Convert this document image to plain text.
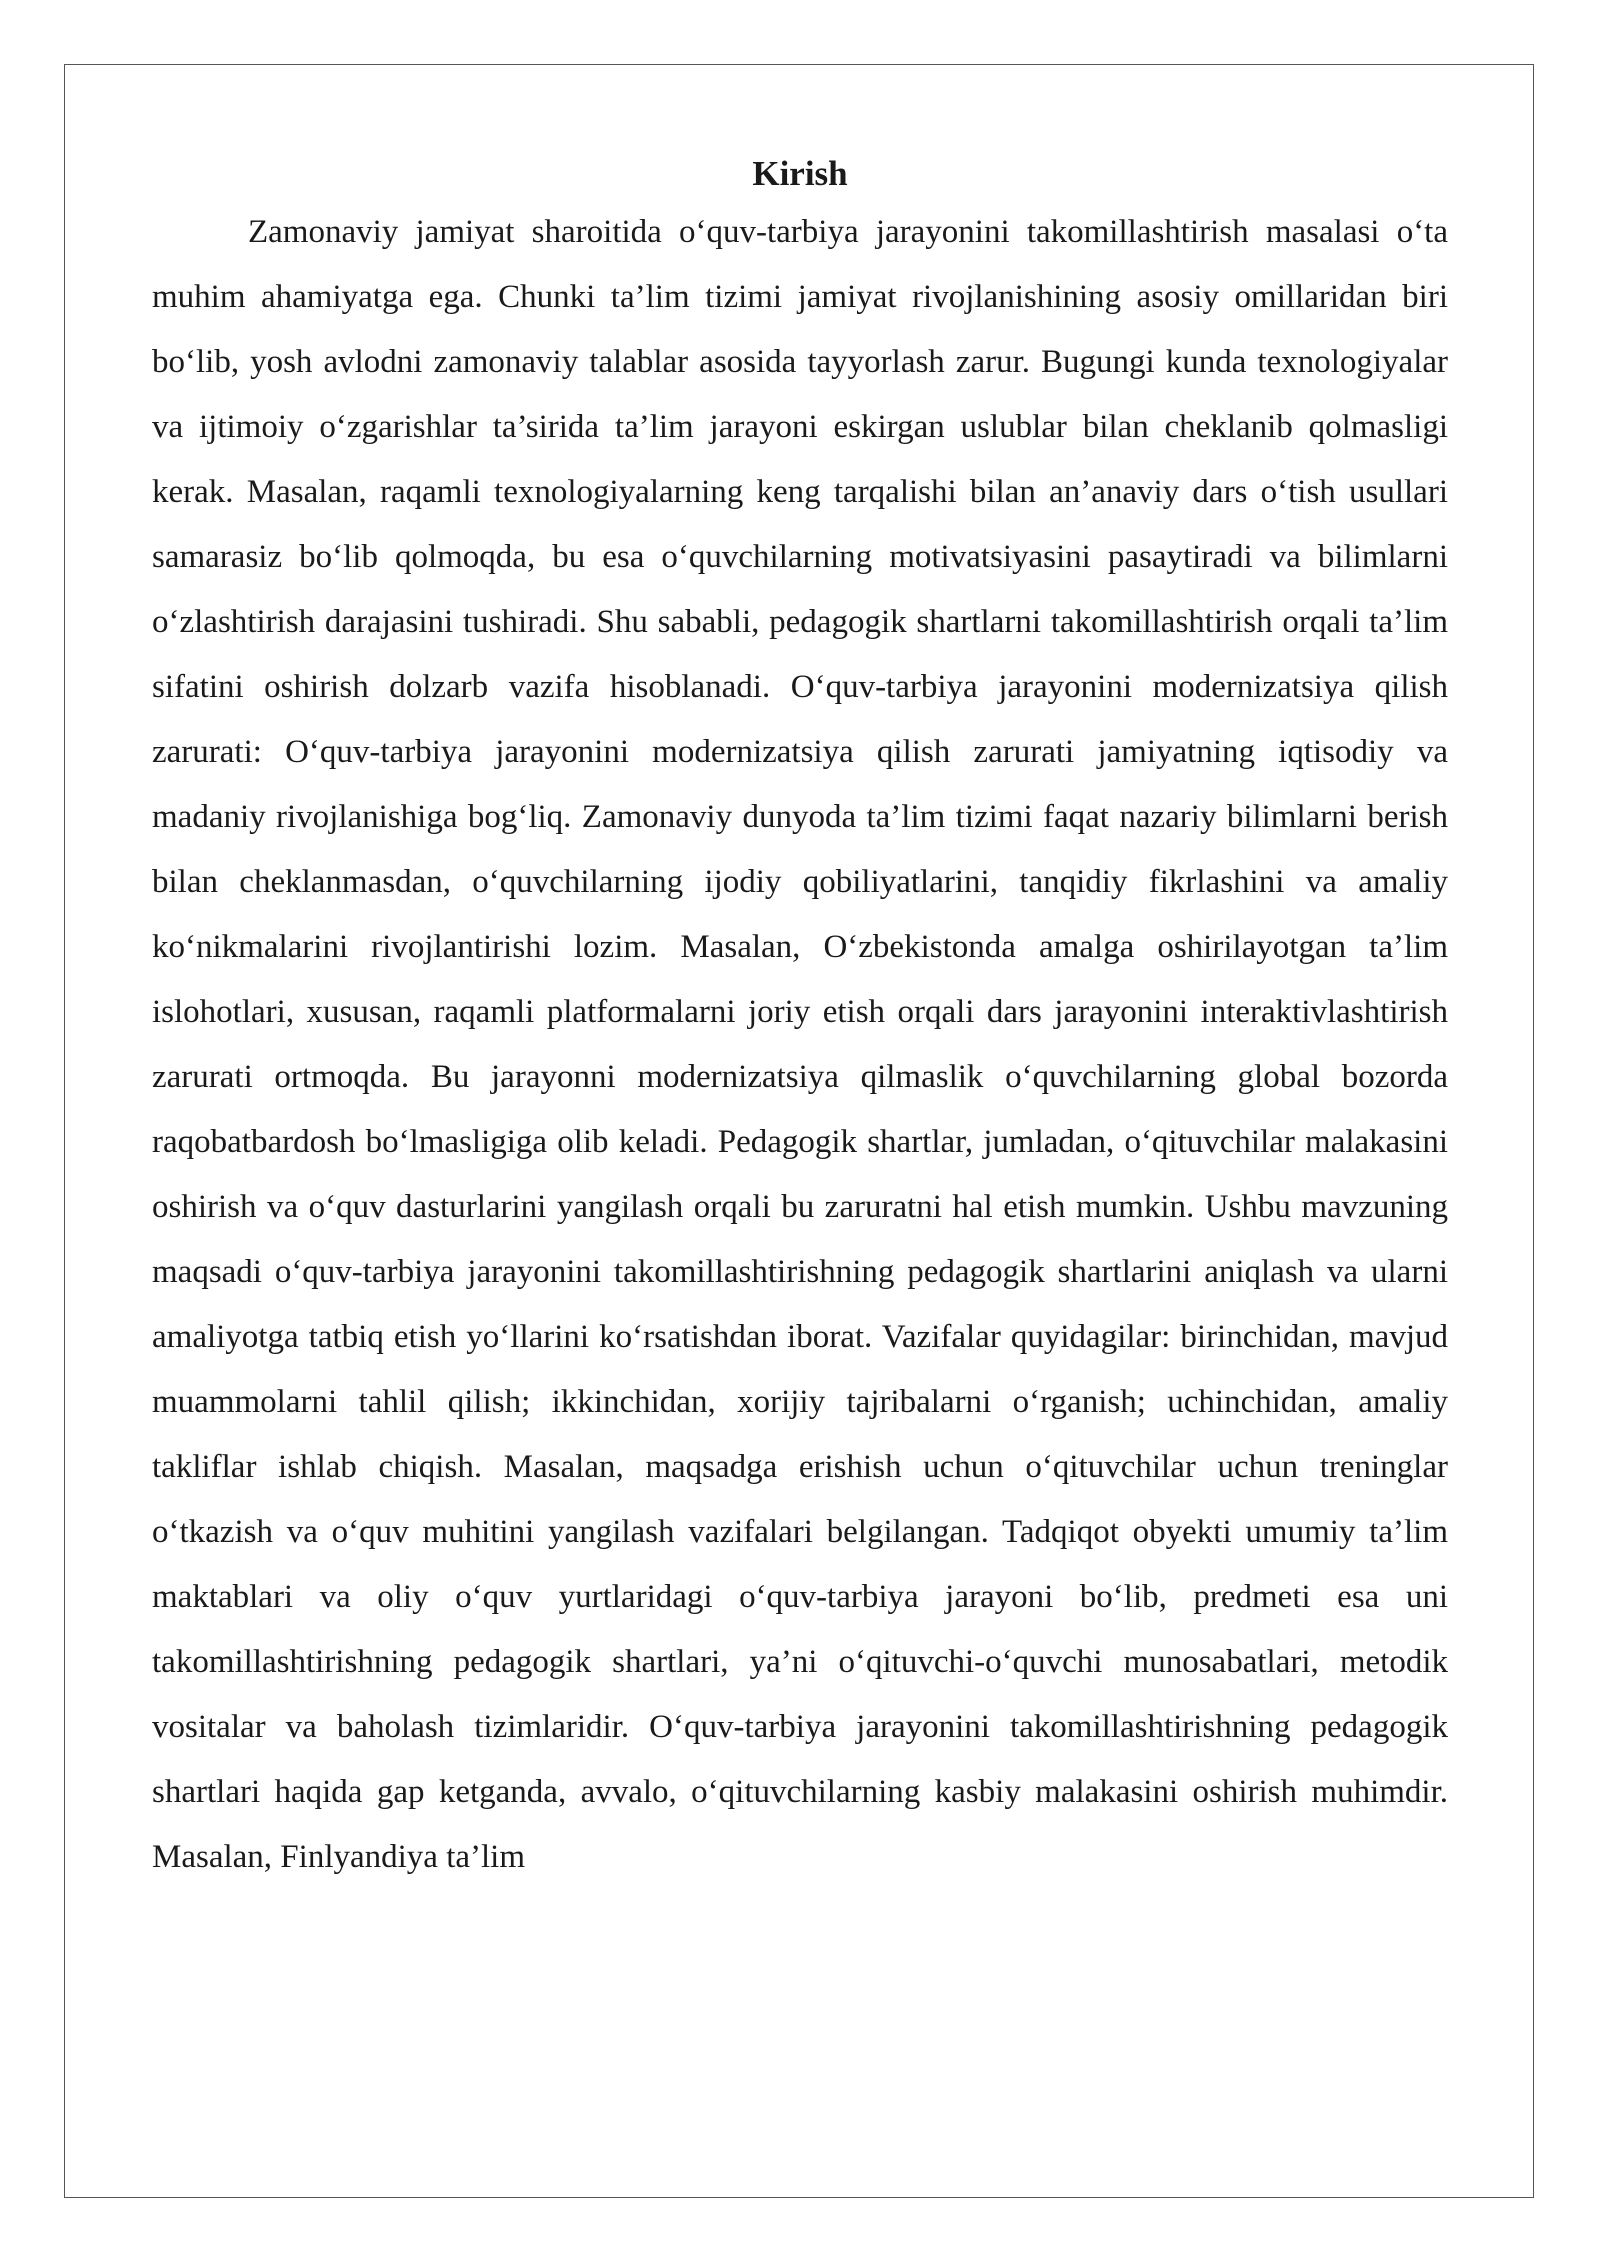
Kirish

Zamonaviy jamiyat sharoitida o‘quv-tarbiya jarayonini takomillashtirish masalasi o‘ta muhim ahamiyatga ega. Chunki ta’lim tizimi jamiyat rivojlanishining asosiy omillaridan biri bo‘lib, yosh avlodni zamonaviy talablar asosida tayyorlash zarur. Bugungi kunda texnologiyalar va ijtimoiy o‘zgarishlar ta’sirida ta’lim jarayoni eskirgan uslublar bilan cheklanib qolmasligi kerak. Masalan, raqamli texnologiyalarning keng tarqalishi bilan an’anaviy dars o‘tish usullari samarasiz bo‘lib qolmoqda, bu esa o‘quvchilarning motivatsiyasini pasaytiradi va bilimlarni o‘zlashtirish darajasini tushiradi. Shu sababli, pedagogik shartlarni takomillashtirish orqali ta’lim sifatini oshirish dolzarb vazifa hisoblanadi. O‘quv-tarbiya jarayonini modernizatsiya qilish zarurati: O‘quv-tarbiya jarayonini modernizatsiya qilish zarurati jamiyatning iqtisodiy va madaniy rivojlanishiga bog‘liq. Zamonaviy dunyoda ta’lim tizimi faqat nazariy bilimlarni berish bilan cheklanmasdan, o‘quvchilarning ijodiy qobiliyatlarini, tanqidiy fikrlashini va amaliy ko‘nikmalarini rivojlantirishi lozim. Masalan, O‘zbekistonda amalga oshirilayotgan ta’lim islohotlari, xususan, raqamli platformalarni joriy etish orqali dars jarayonini interaktivlashtirish zarurati ortmoqda. Bu jarayonni modernizatsiya qilmaslik o‘quvchilarning global bozorda raqobatbardosh bo‘lmasligiga olib keladi. Pedagogik shartlar, jumladan, o‘qituvchilar malakasini oshirish va o‘quv dasturlarini yangilash orqali bu zaruratni hal etish mumkin. Ushbu mavzuning maqsadi o‘quv-tarbiya jarayonini takomillashtirishning pedagogik shartlarini aniqlash va ularni amaliyotga tatbiq etish yo‘llarini ko‘rsatishdan iborat. Vazifalar quyidagilar: birinchidan, mavjud muammolarni tahlil qilish; ikkinchidan, xorijiy tajribalarni o‘rganish; uchinchidan, amaliy takliflar ishlab chiqish. Masalan, maqsadga erishish uchun o‘qituvchilar uchun treninglar o‘tkazish va o‘quv muhitini yangilash vazifalari belgilangan. Tadqiqot obyekti umumiy ta’lim maktablari va oliy o‘quv yurtlaridagi o‘quv-tarbiya jarayoni bo‘lib, predmeti esa uni takomillashtirishning pedagogik shartlari, ya’ni o‘qituvchi-o‘quvchi munosabatlari, metodik vositalar va baholash tizimlaridir. O‘quv-tarbiya jarayonini takomillashtirishning pedagogik shartlari haqida gap ketganda, avvalo, o‘qituvchilarning kasbiy malakasini oshirish muhimdir. Masalan, Finlyandiya ta’lim
